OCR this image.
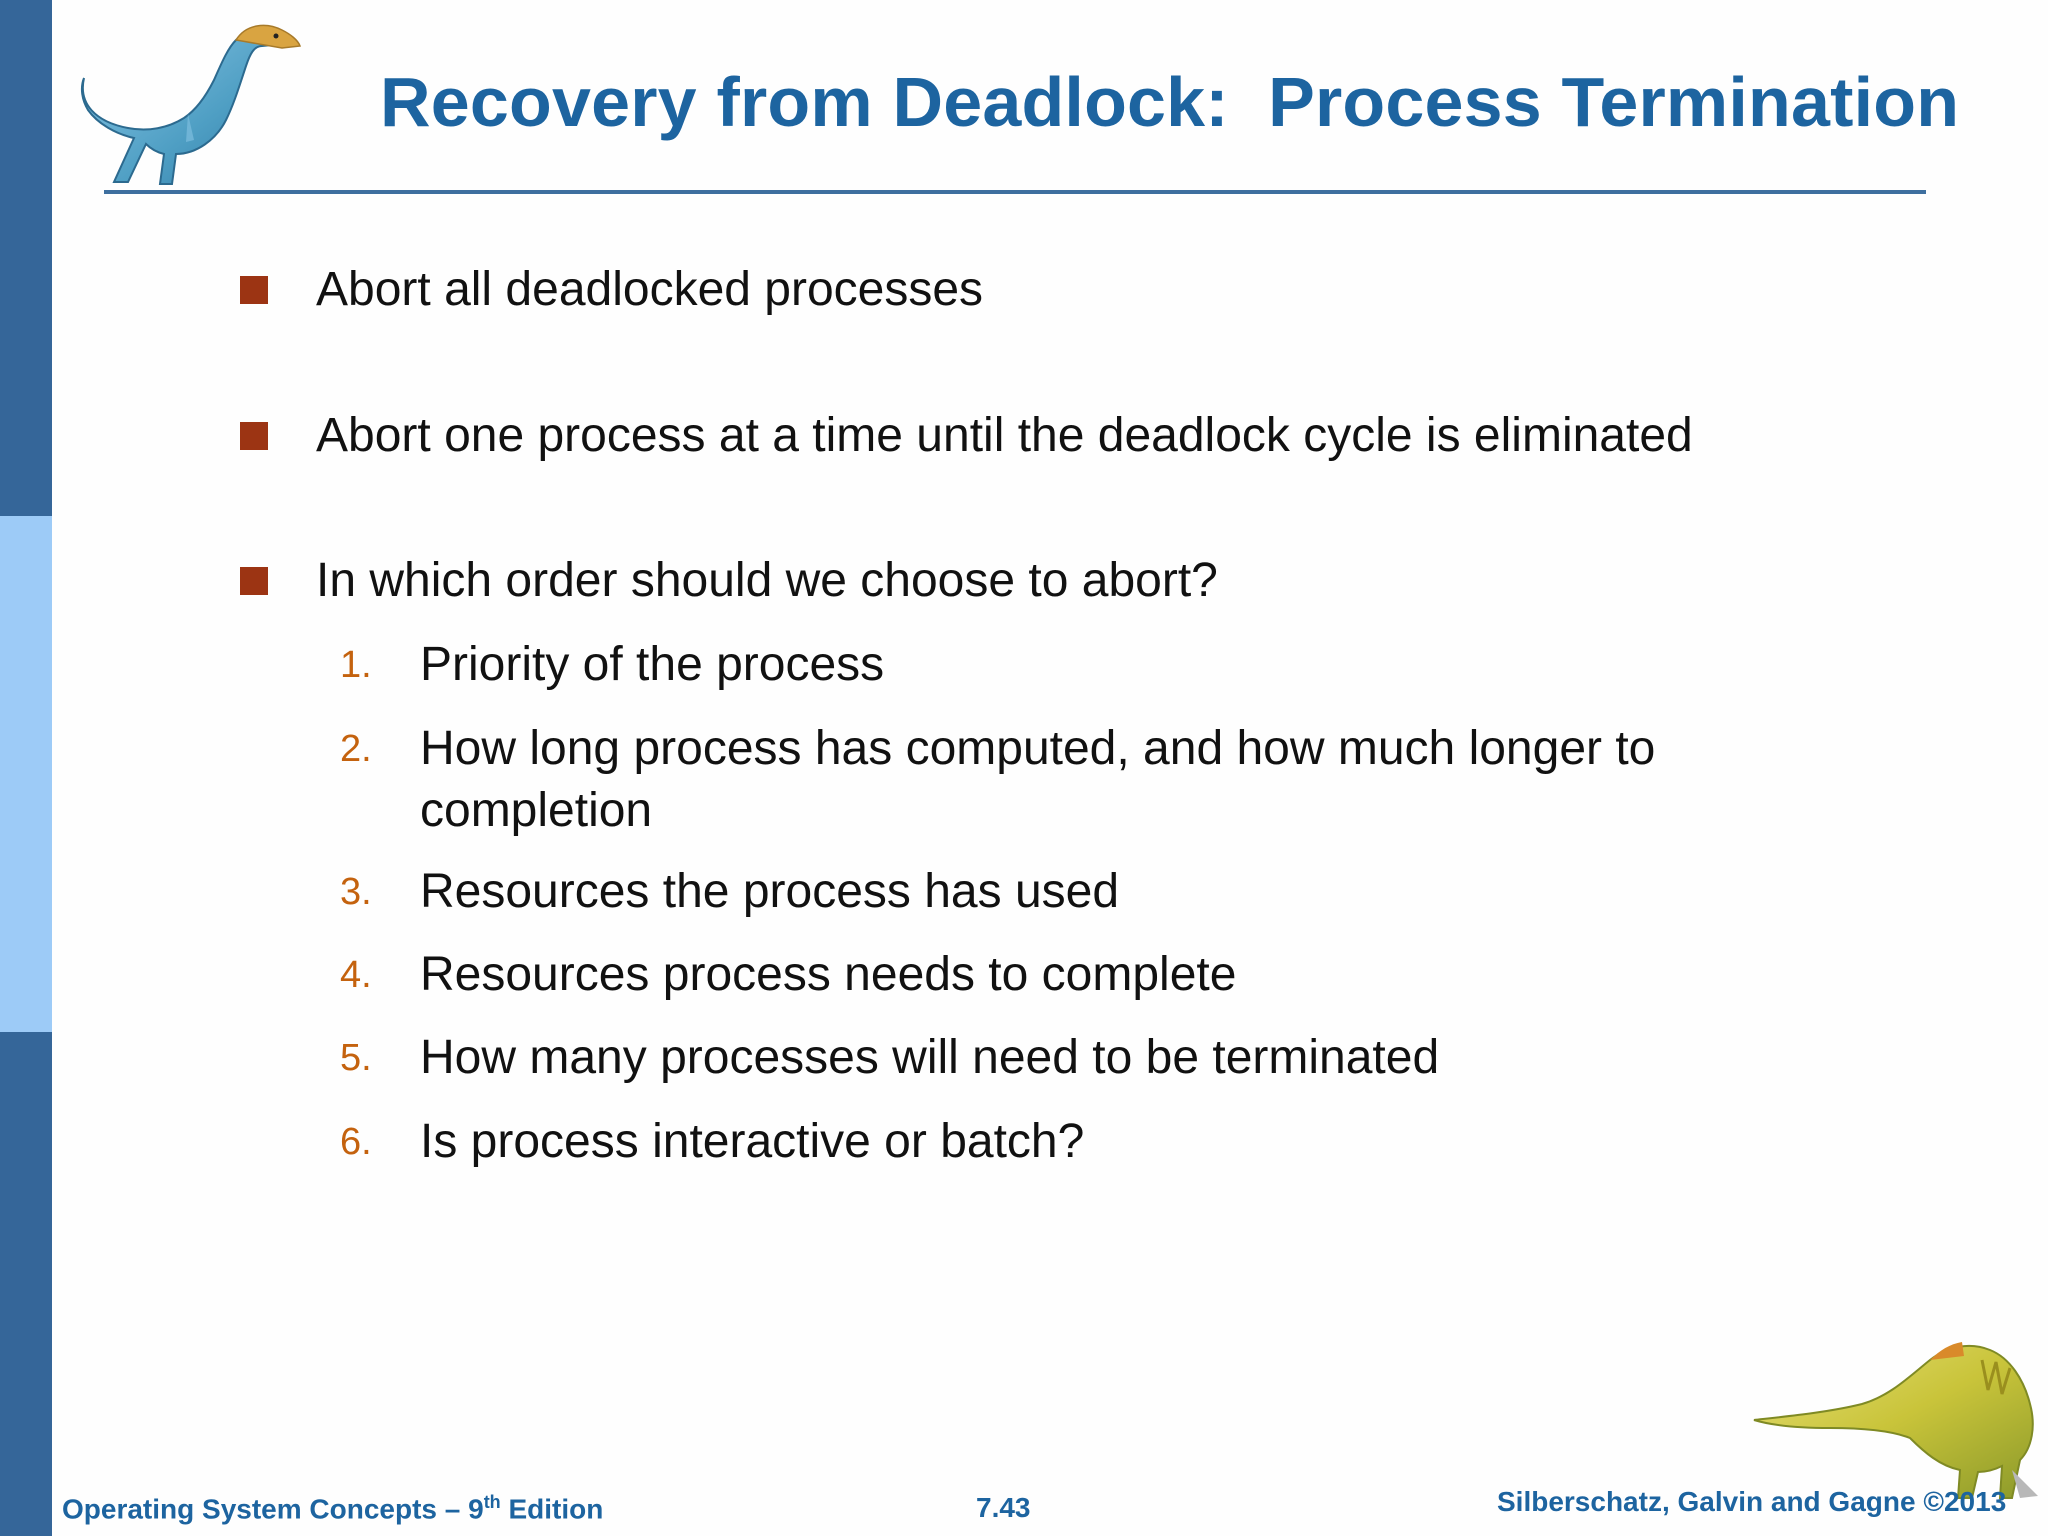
Recovery from Deadlock:  Process Termination
Abort all deadlocked processes
Abort one process at a time until the deadlock cycle is eliminated
In which order should we choose to abort?
1.	Priority of the process
2.	How long process has computed, and how much longer to completion
3.	Resources the process has used
4.	Resources process needs to complete
5.	How many processes will need to be terminated
6.	Is process interactive or batch?
Operating System Concepts – 9th Edition	7.43	Silberschatz, Galvin and Gagne ©2013
